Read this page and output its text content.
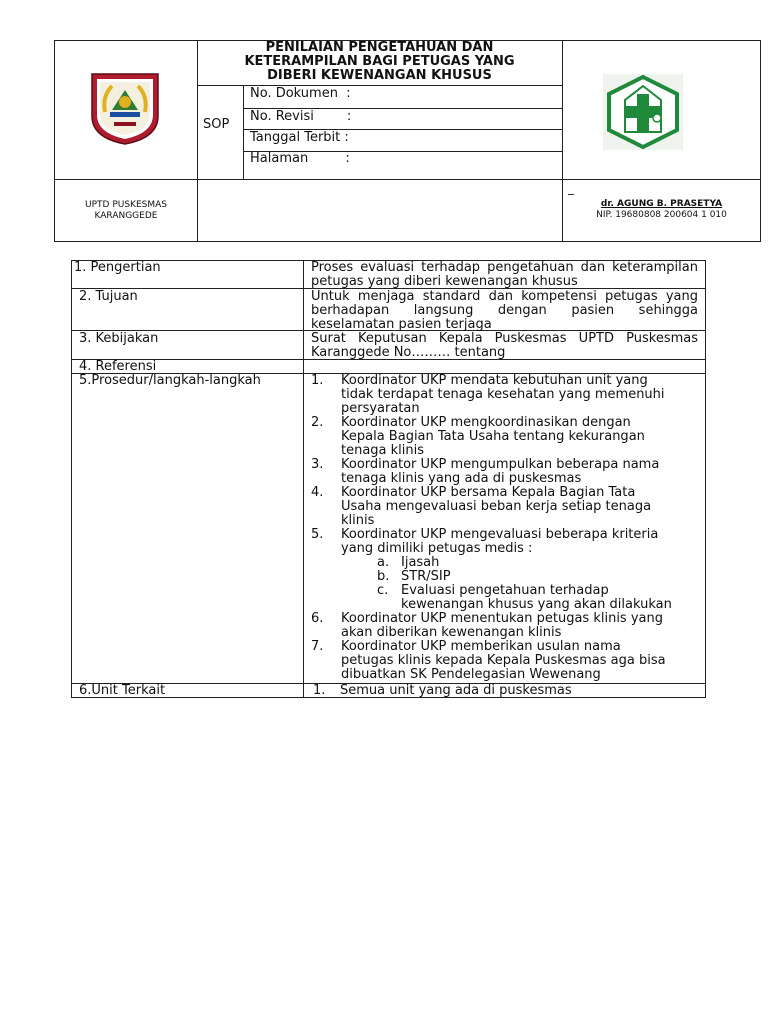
PENILAIAN PENGETAHUAN DAN
KETERAMPILAN BAGI PETUGAS YANG
DIBERI KEWENANGAN KHUSUS
SOP
No. Dokumen  :
No. Revisi        :
Tanggal Terbit :
Halaman         :
UPTD PUSKESMAS
KARANGGEDE
_
dr. AGUNG B. PRASETYA
NIP. 19680808 200604 1 010
1. Pengertian
2. Tujuan
3. Kebijakan
4. Referensi
5.Prosedur/langkah-langkah
6.Unit Terkait
Proses evaluasi terhadap pengetahuan dan keterampilan petugas yang diberi kewenangan khusus
Untuk menjaga standard dan kompetensi petugas yang berhadapan langsung dengan pasien sehingga keselamatan pasien terjaga
Surat Keputusan Kepala Puskesmas UPTD Puskesmas Karanggede No……… tentang
1. Koordinator UKP mendata kebutuhan unit yang tidak terdapat tenaga kesehatan yang memenuhi persyaratan
2. Koordinator UKP mengkoordinasikan dengan Kepala Bagian Tata Usaha tentang kekurangan tenaga klinis
3. Koordinator UKP mengumpulkan beberapa nama tenaga klinis yang ada di puskesmas
4. Koordinator UKP bersama Kepala Bagian Tata Usaha mengevaluasi beban kerja setiap tenaga klinis
5. Koordinator UKP mengevaluasi beberapa kriteria yang dimiliki petugas medis :
a. Ijasah
b. STR/SIP
c. Evaluasi pengetahuan terhadap kewenangan khusus yang akan dilakukan
6. Koordinator UKP menentukan petugas klinis yang akan diberikan kewenangan klinis
7. Koordinator UKP memberikan usulan nama petugas klinis kepada Kepala Puskesmas aga bisa dibuatkan SK Pendelegasian Wewenang
1. Semua unit yang ada di puskesmas
